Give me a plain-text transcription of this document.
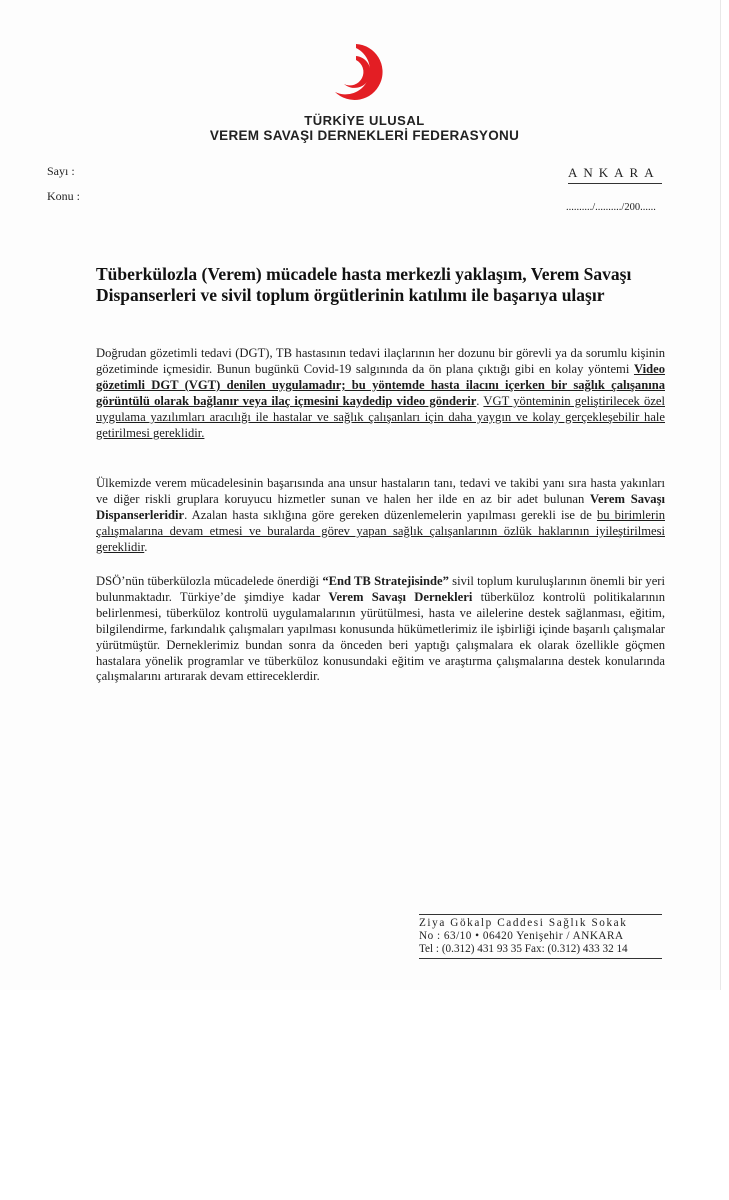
TÜRKİYE ULUSAL
VEREM SAVAŞI DERNEKLERİ FEDERASYONU
Sayı :
Konu :
ANKARA
........../........../200......
Tüberkülozla (Verem) mücadele hasta merkezli yaklaşım, Verem Savaşı Dispanserleri ve sivil toplum örgütlerinin katılımı ile başarıya ulaşır
Doğrudan gözetimli tedavi (DGT), TB hastasının tedavi ilaçlarının her dozunu bir görevli ya da sorumlu kişinin gözetiminde içmesidir. Bunun bugünkü Covid-19 salgınında da ön plana çıktığı gibi en kolay yöntemi Video gözetimli DGT (VGT) denilen uygulamadır; bu yöntemde hasta ilacını içerken bir sağlık çalışanına görüntülü olarak bağlanır veya ilaç içmesini kaydedip video gönderir. VGT yönteminin geliştirilecek özel uygulama yazılımları aracılığı ile hastalar ve sağlık çalışanları için daha yaygın ve kolay gerçekleşebilir hale getirilmesi gereklidir.
Ülkemizde verem mücadelesinin başarısında ana unsur hastaların tanı, tedavi ve takibi yanı sıra hasta yakınları ve diğer riskli gruplara koruyucu hizmetler sunan ve halen her ilde en az bir adet bulunan Verem Savaşı Dispanserleridir. Azalan hasta sıklığına göre gereken düzenlemelerin yapılması gerekli ise de bu birimlerin çalışmalarına devam etmesi ve buralarda görev yapan sağlık çalışanlarının özlük haklarının iyileştirilmesi gereklidir.
DSÖ’nün tüberkülozla mücadelede önerdiği “End TB Stratejisinde” sivil toplum kuruluşlarının önemli bir yeri bulunmaktadır. Türkiye’de şimdiye kadar Verem Savaşı Dernekleri tüberküloz kontrolü politikalarının belirlenmesi, tüberküloz kontrolü uygulamalarının yürütülmesi, hasta ve ailelerine destek sağlanması, eğitim, bilgilendirme, farkındalık çalışmaları yapılması konusunda hükümetlerimiz ile işbirliği içinde başarılı çalışmalar yürütmüştür. Derneklerimiz bundan sonra da önceden beri yaptığı çalışmalara ek olarak özellikle göçmen hastalara yönelik programlar ve tüberküloz konusundaki eğitim ve araştırma çalışmalarına destek konularında çalışmalarını artırarak devam ettireceklerdir.
Ziya Gökalp Caddesi Sağlık Sokak
No : 63/10 • 06420 Yenişehir / ANKARA
Tel : (0.312) 431 93 35 Fax: (0.312) 433 32 14
